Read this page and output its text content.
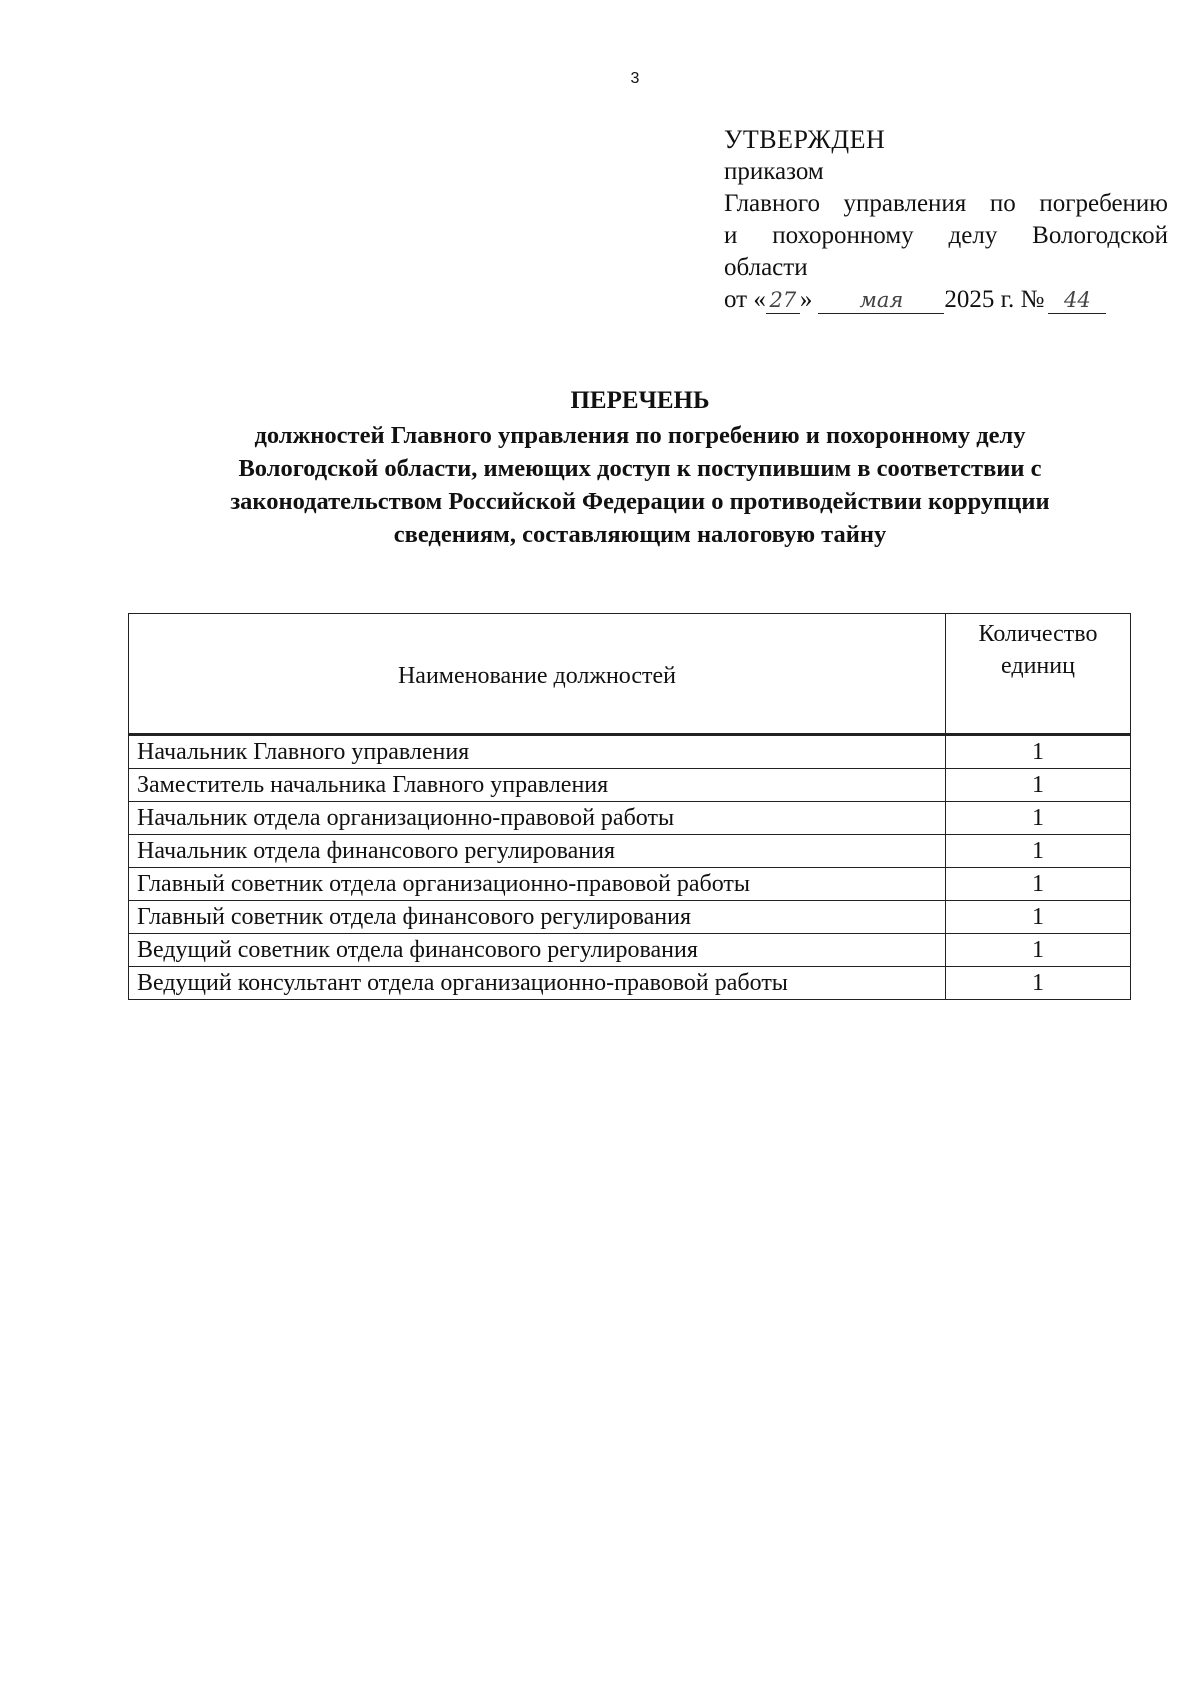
3
УТВЕРЖДЕН
приказом
Главного управления по погребению
и похоронному делу Вологодской
области
от « 27 » мая 2025 г. № 44
ПЕРЕЧЕНЬ
должностей Главного управления по погребению и похоронному делу
Вологодской области, имеющих доступ к поступившим в соответствии с
законодательством Российской Федерации о противодействии коррупции
сведениям, составляющим налоговую тайну
Наименование должностей	Количество
единиц

Начальник Главного управления	1
Заместитель начальника Главного управления	1
Начальник отдела организационно-правовой работы	1
Начальник отдела финансового регулирования	1
Главный советник отдела организационно-правовой работы	1
Главный советник отдела финансового регулирования	1
Ведущий советник отдела финансового регулирования	1
Ведущий консультант отдела организационно-правовой работы	1
